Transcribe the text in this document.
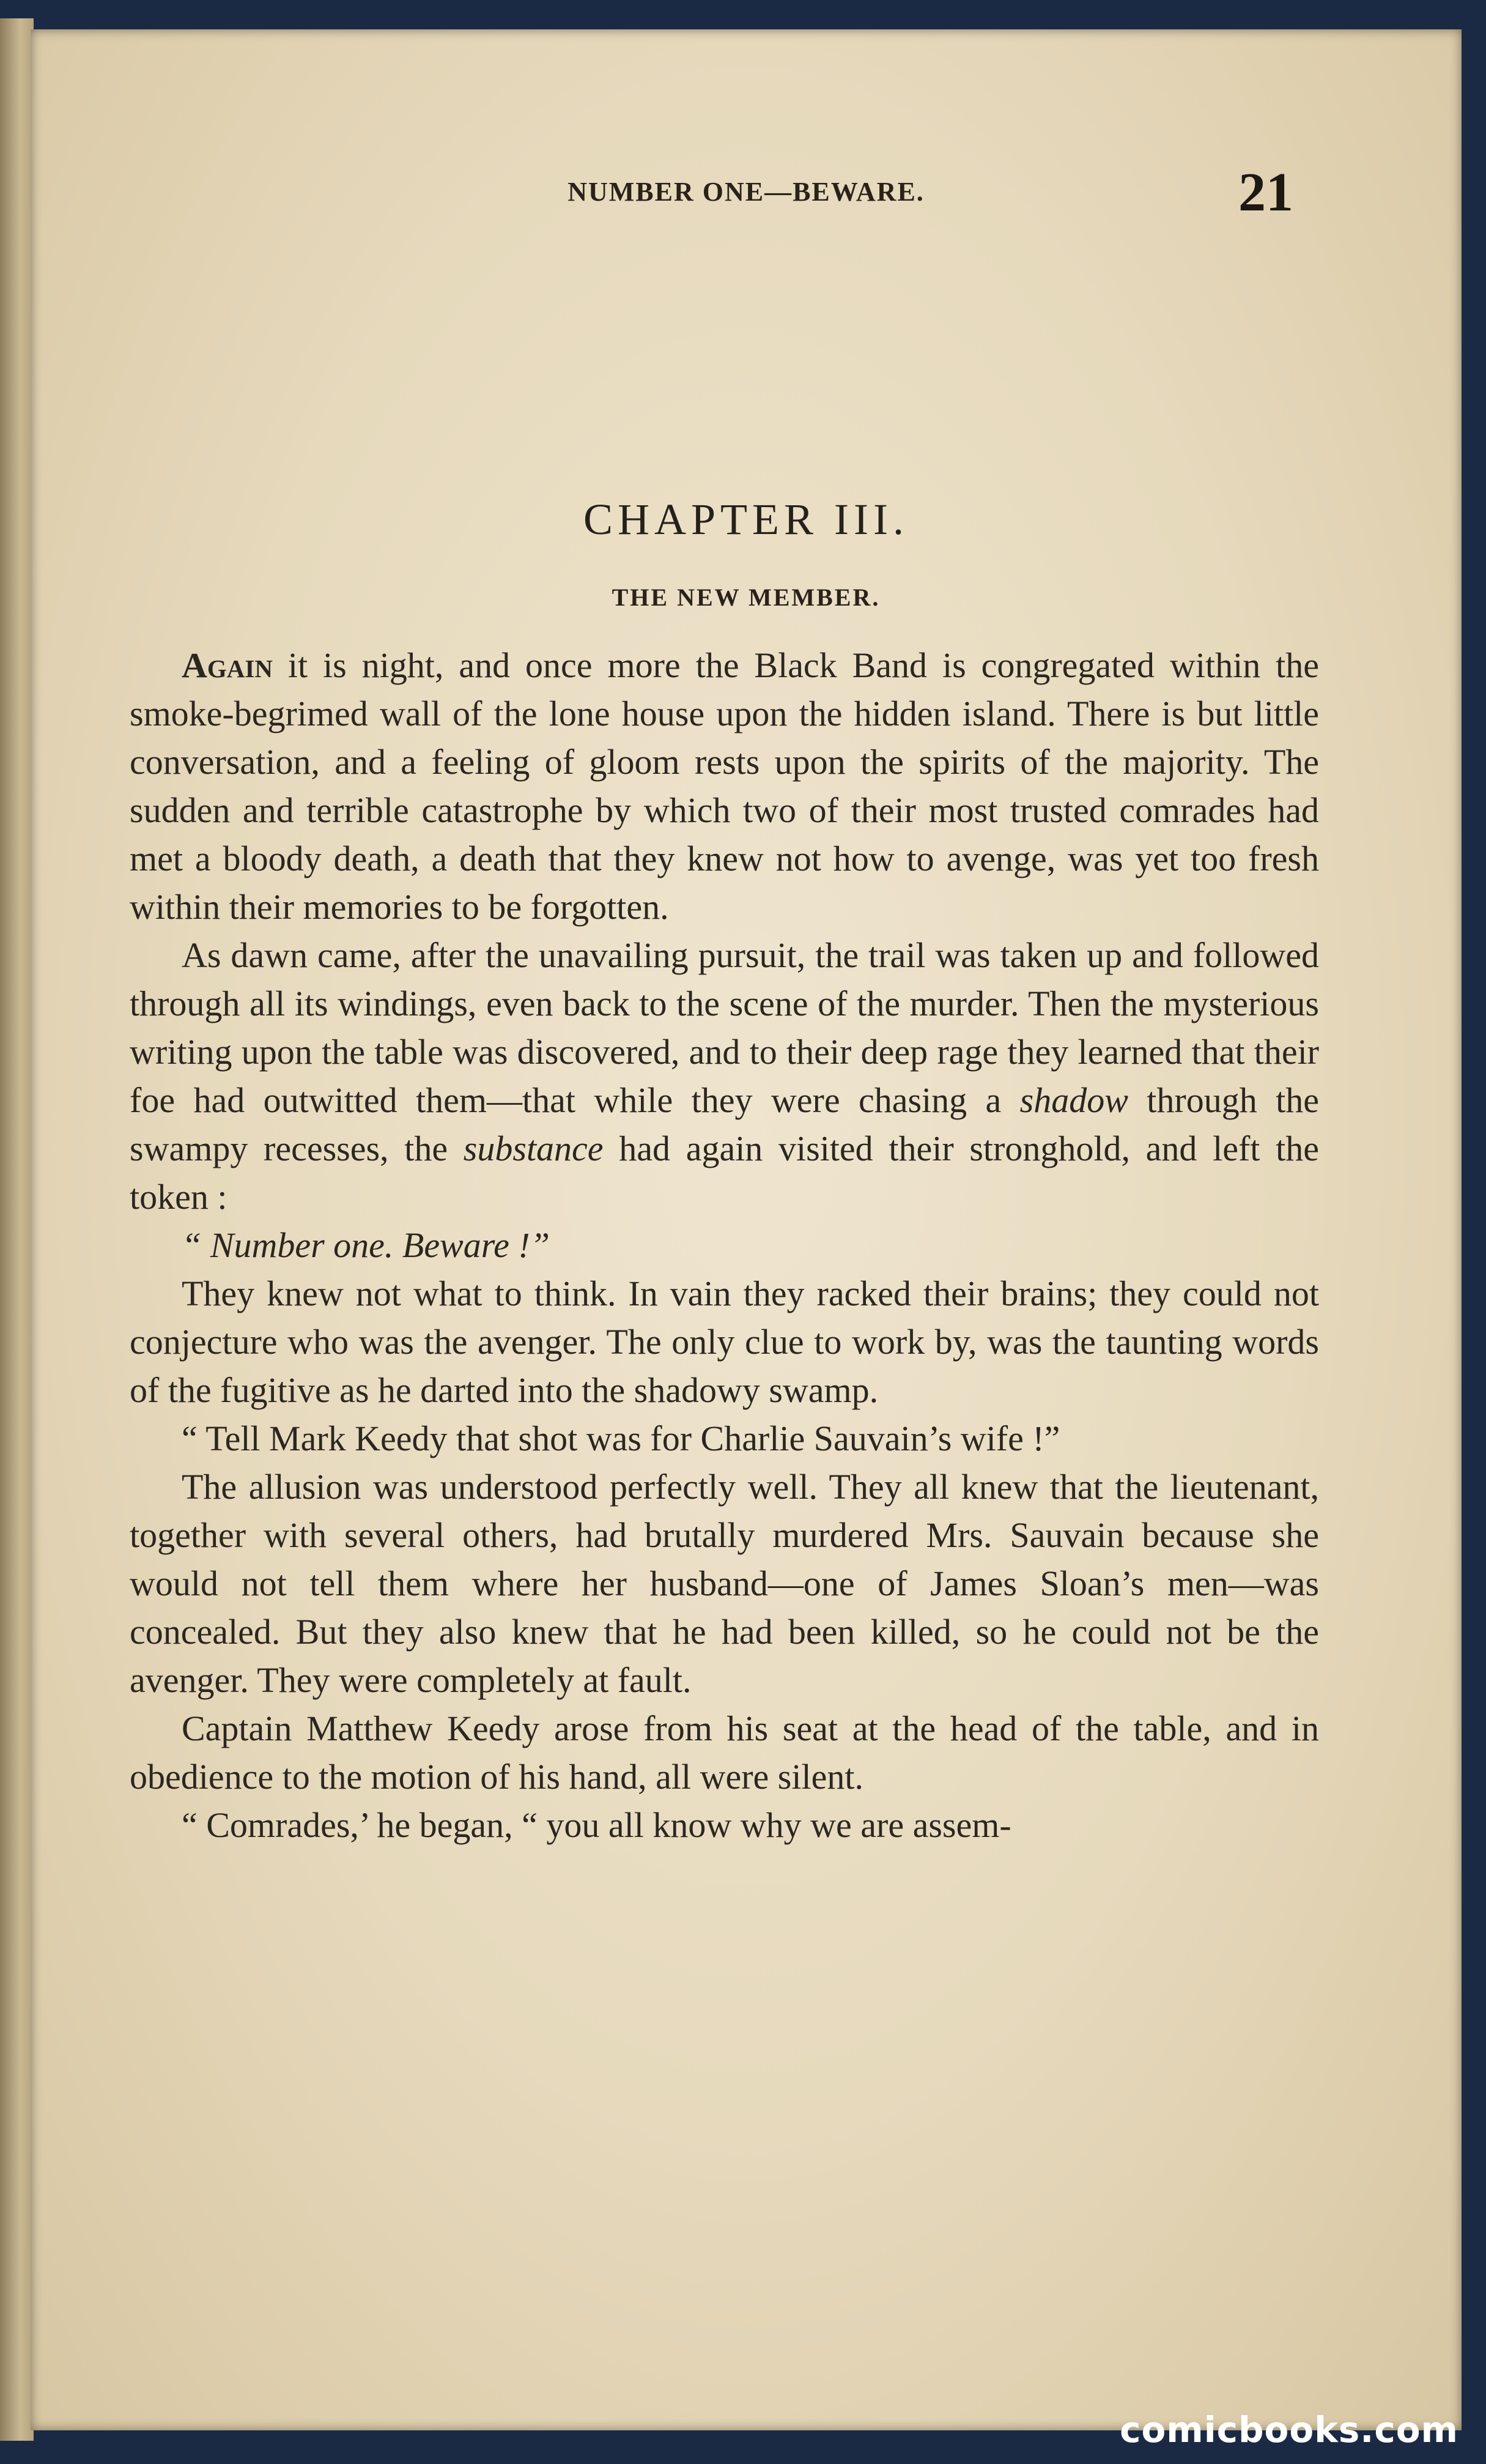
NUMBER ONE—BEWARE.	21
CHAPTER III.
THE NEW MEMBER.

Again it is night, and once more the Black Band is congregated within the smoke-begrimed wall of the lone house upon the hidden island. There is but little conversation, and a feeling of gloom rests upon the spirits of the majority. The sudden and terrible catastrophe by which two of their most trusted comrades had met a bloody death, a death that they knew not how to avenge, was yet too fresh within their memories to be forgotten.

As dawn came, after the unavailing pursuit, the trail was taken up and followed through all its windings, even back to the scene of the murder. Then the mysterious writing upon the table was discovered, and to their deep rage they learned that their foe had outwitted them—that while they were chasing a shadow through the swampy recesses, the substance had again visited their stronghold, and left the token :

“ Number one. Beware !”

They knew not what to think. In vain they racked their brains; they could not conjecture who was the avenger. The only clue to work by, was the taunting words of the fugitive as he darted into the shadowy swamp.

“ Tell Mark Keedy that shot was for Charlie Sauvain’s wife !”

The allusion was understood perfectly well. They all knew that the lieutenant, together with several others, had brutally murdered Mrs. Sauvain because she would not tell them where her husband—one of James Sloan’s men—was concealed. But they also knew that he had been killed, so he could not be the avenger. They were completely at fault.

Captain Matthew Keedy arose from his seat at the head of the table, and in obedience to the motion of his hand, all were silent.

“ Comrades,’ he began, “ you all know why we are assem-

comicbooks.com
